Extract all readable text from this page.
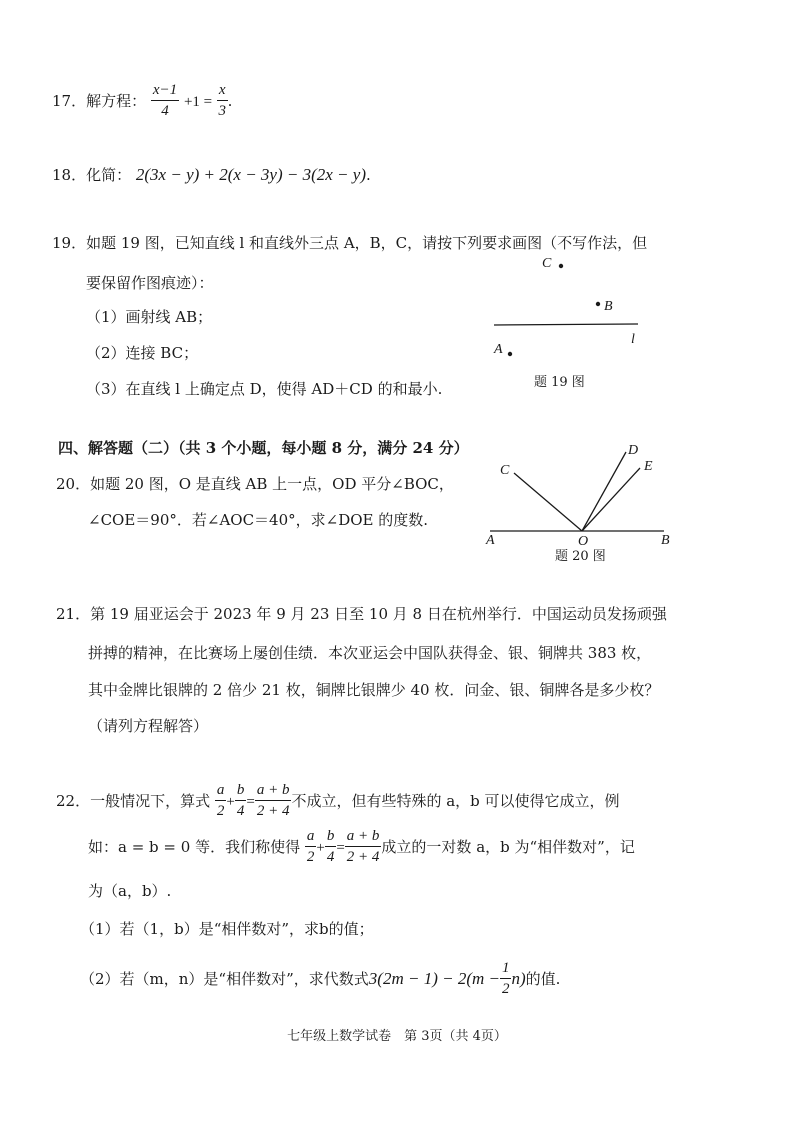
17．解方程： $\frac{x-1}{4} +1 = \frac{x}{3}$ .
18．化简： 2(3x − y) + 2(x − 3y) − 3(2x − y).
19．如题 19 图，已知直线 l 和直线外三点 A，B，C，请按下列要求画图（不写作法，但
要保留作图痕迹）：
（1）画射线 AB；
（2）连接 BC；
（3）在直线 l 上确定点 D，使得 AD＋CD 的和最小.
C
B
l
A
题 19 图
四、解答题（二）（共 3 个小题，每小题 8 分，满分 24 分）
20．如题 20 图，O 是直线 AB 上一点，OD 平分∠BOC，
∠COE＝90°．若∠AOC＝40°，求∠DOE 的度数.
C
D
E
A	O	B
题 20 图
21．第 19 届亚运会于 2023 年 9 月 23 日至 10 月 8 日在杭州举行．中国运动员发扬顽强
拼搏的精神，在比赛场上屡创佳绩．本次亚运会中国队获得金、银、铜牌共 383 枚，
其中金牌比银牌的 2 倍少 21 枚，铜牌比银牌少 40 枚．问金、银、铜牌各是多少枚？
（请列方程解答）
22．一般情况下，算式 $\frac{a}{2} + \frac{b}{4} = \frac{a + b}{2 + 4}$ 不成立，但有些特殊的 a，b 可以使得它成立，例
如：a = b = 0 等．我们称使得 $\frac{a}{2} + \frac{b}{4} = \frac{a + b}{2 + 4}$ 成立的一对数 a，b 为“相伴数对”，记
为（a，b）.
（1）若（1，b）是“相伴数对”，求b的值；
（2）若（m，n）是“相伴数对”，求代数式$3(2m - 1) - 2(m - \frac{1}{2} n)$的值.
七年级上数学试卷　第 3页（共 4页）
